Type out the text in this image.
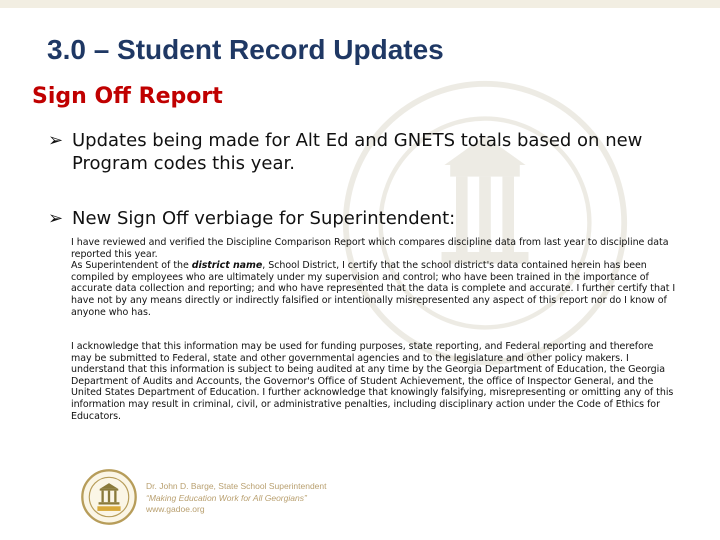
3.0 – Student Record Updates
Sign Off Report
➢ Updates being made for Alt Ed and GNETS totals based on new Program codes this year.
➢ New Sign Off verbiage for Superintendent:

I have reviewed and verified the Discipline Comparison Report which compares discipline data from last year to discipline data reported this year.

As Superintendent of the district name, School District, I certify that the school district's data contained herein has been compiled by employees who are ultimately under my supervision and control; who have been trained in the importance of accurate data collection and reporting; and who have represented that the data is complete and accurate. I further certify that I have not by any means directly or indirectly falsified or intentionally misrepresented any aspect of this report nor do I know of anyone who has.

I acknowledge that this information may be used for funding purposes, state reporting, and Federal reporting and therefore may be submitted to Federal, state and other governmental agencies and to the legislature and other policy makers. I understand that this information is subject to being audited at any time by the Georgia Department of Education, the Georgia Department of Audits and Accounts, the Governor's Office of Student Achievement, the office of Inspector General, and the United States Department of Education. I further acknowledge that knowingly falsifying, misrepresenting or omitting any of this information may result in criminal, civil, or administrative penalties, including disciplinary action under the Code of Ethics for Educators.
Dr. John D. Barge, State School Superintendent
“Making Education Work for All Georgians”
www.gadoe.org
